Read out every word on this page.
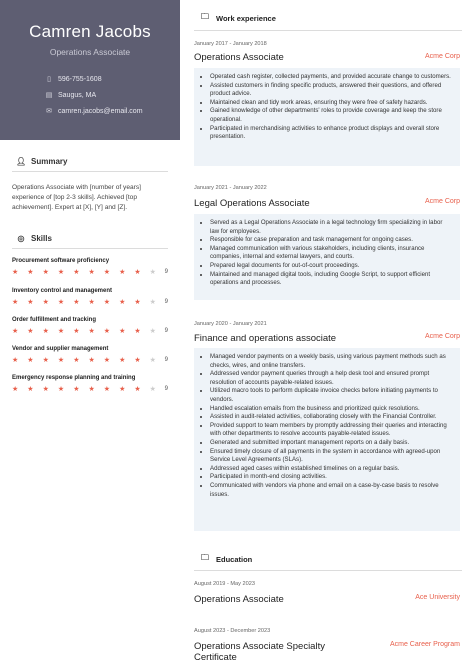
Camren Jacobs
Operations Associate
▯	596-755-1608
▤ Saugus, MA
✉ camren.jacobs@email.com
👤︎ Summary
Operations Associate with [number of years] experience of [top 2-3 skills]. Achieved [top achievement]. Expert at [X], [Y] and [Z].
◎ Skills
Procurement software proficiency
★	★	★	★	★	★	★	★	★	★	9
Inventory control and management
★	★	★	★	★	★	★	★	★	★	9
Order fulfillment and tracking
★	★	★	★	★	★	★	★	★	★	9
Vendor and supplier management
★	★	★	★	★	★	★	★	★	★	9
Emergency response planning and training
★	★	★	★	★	★	★	★	★	★	9
🗀︎ Work experience
January 2017 - January 2018
Operations Associate	Acme Corp
• Operated cash register, collected payments, and provided accurate change to customers.
• Assisted customers in finding specific products, answered their questions, and offered product advice.
• Maintained clean and tidy work areas, ensuring they were free of safety hazards.
• Gained knowledge of other departments' roles to provide coverage and keep the store operational.
• Participated in merchandising activities to enhance product displays and overall store presentation.
January 2021 - January 2022
Legal Operations Associate	Acme Corp
• Served as a Legal Operations Associate in a legal technology firm specializing in labor law for employees.
• Responsible for case preparation and task management for ongoing cases.
• Managed communication with various stakeholders, including clients, insurance companies, internal and external lawyers, and courts.
• Prepared legal documents for out-of-court proceedings.
• Maintained and managed digital tools, including Google Script, to support efficient operations and processes.
January 2020 - January 2021
Finance and operations associate	Acme Corp
• Managed vendor payments on a weekly basis, using various payment methods such as checks, wires, and online transfers.
• Addressed vendor payment queries through a help desk tool and ensured prompt resolution of accounts payable-related issues.
• Utilized macro tools to perform duplicate invoice checks before initiating payments to vendors.
• Handled escalation emails from the business and prioritized quick resolutions.
• Assisted in audit-related activities, collaborating closely with the Financial Controller.
• Provided support to team members by promptly addressing their queries and interacting with other departments to resolve accounts payable-related issues.
• Generated and submitted important management reports on a daily basis.
• Ensured timely closure of all payments in the system in accordance with agreed-upon Service Level Agreements (SLAs).
• Addressed aged cases within established timelines on a regular basis.
• Participated in month-end closing activities.
• Communicated with vendors via phone and email on a case-by-case basis to resolve issues.
🗀︎ Education
August 2019 - May 2023
Operations Associate	Ace University
August 2023 - December 2023
Operations Associate Specialty Certificate
Acme Career Program
